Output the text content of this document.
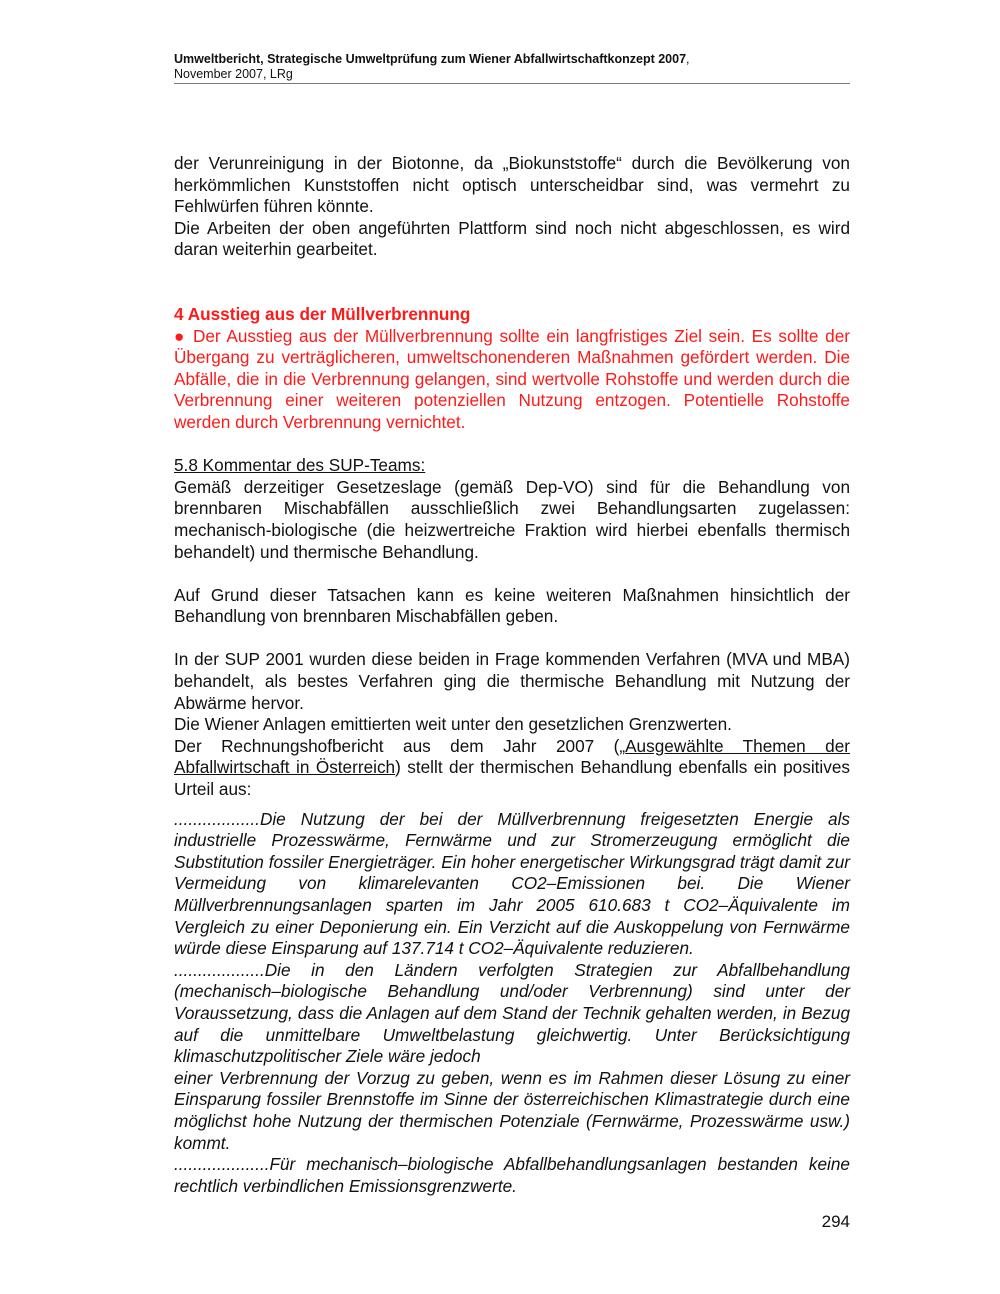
Umweltbericht, Strategische Umweltprüfung zum Wiener Abfallwirtschaftkonzept 2007,
November 2007, LRg

der Verunreinigung in der Biotonne, da „Biokunststoffe“ durch die Bevölkerung von herkömmlichen Kunststoffen nicht optisch unterscheidbar sind, was vermehrt zu Fehlwürfen führen könnte.

Die Arbeiten der oben angeführten Plattform sind noch nicht abgeschlossen, es wird daran weiterhin gearbeitet.

4 Ausstieg aus der Müllverbrennung

● Der Ausstieg aus der Müllverbrennung sollte ein langfristiges Ziel sein. Es sollte der Übergang zu verträglicheren, umweltschonenderen Maßnahmen gefördert werden. Die Abfälle, die in die Verbrennung gelangen, sind wertvolle Rohstoffe und werden durch die Verbrennung einer weiteren potenziellen Nutzung entzogen. Potentielle Rohstoffe werden durch Verbrennung vernichtet.

5.8 Kommentar des SUP-Teams:

Gemäß derzeitiger Gesetzeslage (gemäß Dep-VO) sind für die Behandlung von brennbaren Mischabfällen ausschließlich zwei Behandlungsarten zugelassen: mechanisch-biologische (die heizwertreiche Fraktion wird hierbei ebenfalls thermisch behandelt) und thermische Behandlung.

Auf Grund dieser Tatsachen kann es keine weiteren Maßnahmen hinsichtlich der Behandlung von brennbaren Mischabfällen geben.

In der SUP 2001 wurden diese beiden in Frage kommenden Verfahren (MVA und MBA) behandelt, als bestes Verfahren ging die thermische Behandlung mit Nutzung der Abwärme hervor.

Die Wiener Anlagen emittierten weit unter den gesetzlichen Grenzwerten.

Der Rechnungshofbericht aus dem Jahr 2007 („Ausgewählte Themen der Abfallwirtschaft in Österreich) stellt der thermischen Behandlung ebenfalls ein positives Urteil aus:

..................Die Nutzung der bei der Müllverbrennung freigesetzten Energie als industrielle Prozesswärme, Fernwärme und zur Stromerzeugung ermöglicht die Substitution fossiler Energieträger. Ein hoher energetischer Wirkungsgrad trägt damit zur Vermeidung von klimarelevanten CO2–Emissionen bei. Die Wiener Müllverbrennungsanlagen sparten im Jahr 2005 610.683 t CO2–Äquivalente im Vergleich zu einer Deponierung ein. Ein Verzicht auf die Auskoppelung von Fernwärme würde diese Einsparung auf 137.714 t CO2–Äquivalente reduzieren.

...................Die in den Ländern verfolgten Strategien zur Abfallbehandlung (mechanisch–biologische Behandlung und/oder Verbrennung) sind unter der Voraussetzung, dass die Anlagen auf dem Stand der Technik gehalten werden, in Bezug auf die unmittelbare Umweltbelastung gleichwertig. Unter Berücksichtigung klimaschutzpolitischer Ziele wäre jedoch

einer Verbrennung der Vorzug zu geben, wenn es im Rahmen dieser Lösung zu einer Einsparung fossiler Brennstoffe im Sinne der österreichischen Klimastrategie durch eine möglichst hohe Nutzung der thermischen Potenziale (Fernwärme, Prozesswärme usw.) kommt.

....................Für mechanisch–biologische Abfallbehandlungsanlagen bestanden keine rechtlich verbindlichen Emissionsgrenzwerte.

294
